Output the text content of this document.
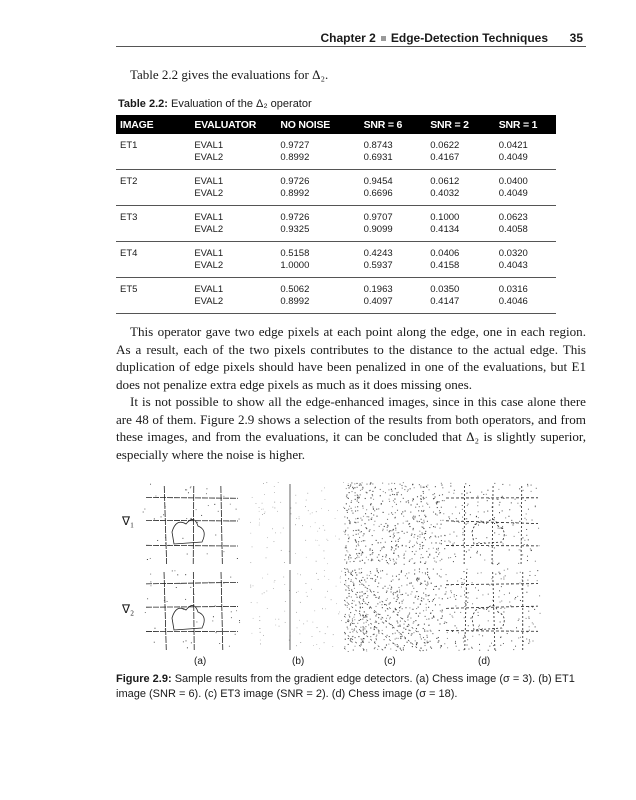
Chapter 2 Edge-Detection Techniques 35
Table 2.2 gives the evaluations for Δ₂.
Table 2.2: Evaluation of the Δ₂ operator
IMAGE	EVALUATOR	NO NOISE	SNR = 6	SNR = 2	SNR = 1
ET1	EVAL1	0.9727	0.8743	0.0622	0.0421
	EVAL2	0.8992	0.6931	0.4167	0.4049
ET2	EVAL1	0.9726	0.9454	0.0612	0.0400
	EVAL2	0.8992	0.6696	0.4032	0.4049
ET3	EVAL1	0.9726	0.9707	0.1000	0.0623
	EVAL2	0.9325	0.9099	0.4134	0.4058
ET4	EVAL1	0.5158	0.4243	0.0406	0.0320
	EVAL2	1.0000	0.5937	0.4158	0.4043
ET5	EVAL1	0.5062	0.1963	0.0350	0.0316
	EVAL2	0.8992	0.4097	0.4147	0.4046

This operator gave two edge pixels at each point along the edge, one in each region. As a result, each of the two pixels contributes to the distance to the actual edge. This duplication of edge pixels should have been penalized in one of the evaluations, but E1 does not penalize extra edge pixels as much as it does missing ones.

It is not possible to show all the edge-enhanced images, since in this case alone there are 48 of them. Figure 2.9 shows a selection of the results from both operators, and from these images, and from the evaluations, it can be concluded that Δ₂ is slightly superior, especially where the noise is higher.

∇₁
∇₂
(a)	(b)	(c)	(d)
Figure 2.9: Sample results from the gradient edge detectors. (a) Chess image (σ = 3). (b) ET1 image (SNR = 6). (c) ET3 image (SNR = 2). (d) Chess image (σ = 18).
